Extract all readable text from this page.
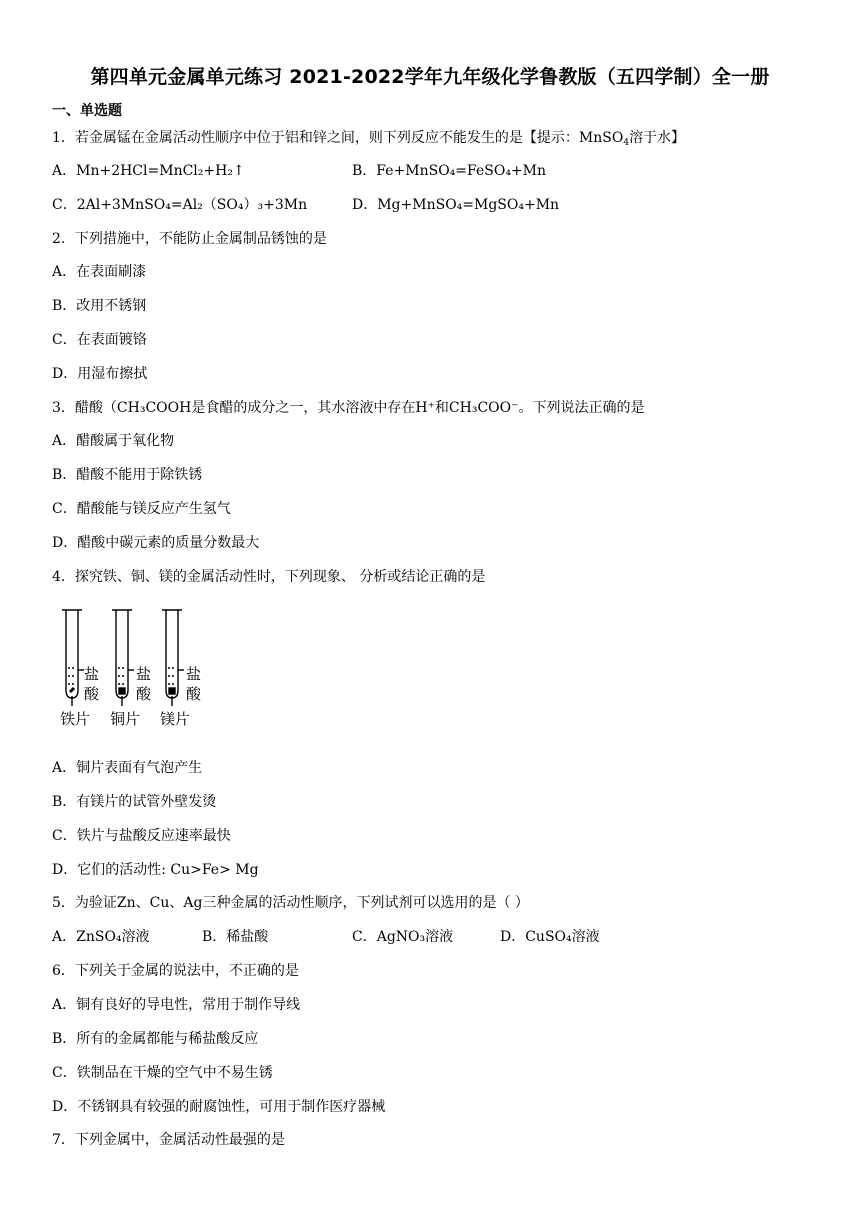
第四单元金属单元练习 2021-2022学年九年级化学鲁教版（五四学制）全一册
一、单选题
1．若金属锰在金属活动性顺序中位于铝和锌之间，则下列反应不能发生的是【提示：MnSO$_4$溶于水】
A．Mn+2HCl=MnCl₂+H₂↑	B．Fe+MnSO₄=FeSO₄+Mn
C．2Al+3MnSO₄=Al₂（SO₄）₃+3Mn	D．Mg+MnSO₄=MgSO₄+Mn
2．下列措施中，不能防止金属制品锈蚀的是
A．在表面刷漆
B．改用不锈钢
C．在表面镀铬
D．用湿布擦拭
3．醋酸（CH₃COOH是食醋的成分之一，其水溶液中存在H⁺和CH₃COO⁻。下列说法正确的是
A．醋酸属于氧化物
B．醋酸不能用于除铁锈
C．醋酸能与镁反应产生氢气
D．醋酸中碳元素的质量分数最大
4．探究铁、铜、镁的金属活动性时，下列现象、 分析或结论正确的是
盐酸
盐酸
盐酸
铁片 铜片 镁片
A．铜片表面有气泡产生
B．有镁片的试管外壁发烫
C．铁片与盐酸反应速率最快
D．它们的活动性: Cu>Fe> Mg
5．为验证Zn、Cu、Ag三种金属的活动性顺序，下列试剂可以选用的是（ ）
A．ZnSO₄溶液	B．稀盐酸	C．AgNO₃溶液	D．CuSO₄溶液
6．下列关于金属的说法中，不正确的是
A．铜有良好的导电性，常用于制作导线
B．所有的金属都能与稀盐酸反应
C．铁制品在干燥的空气中不易生锈
D．不锈钢具有较强的耐腐蚀性，可用于制作医疗器械
7．下列金属中，金属活动性最强的是
